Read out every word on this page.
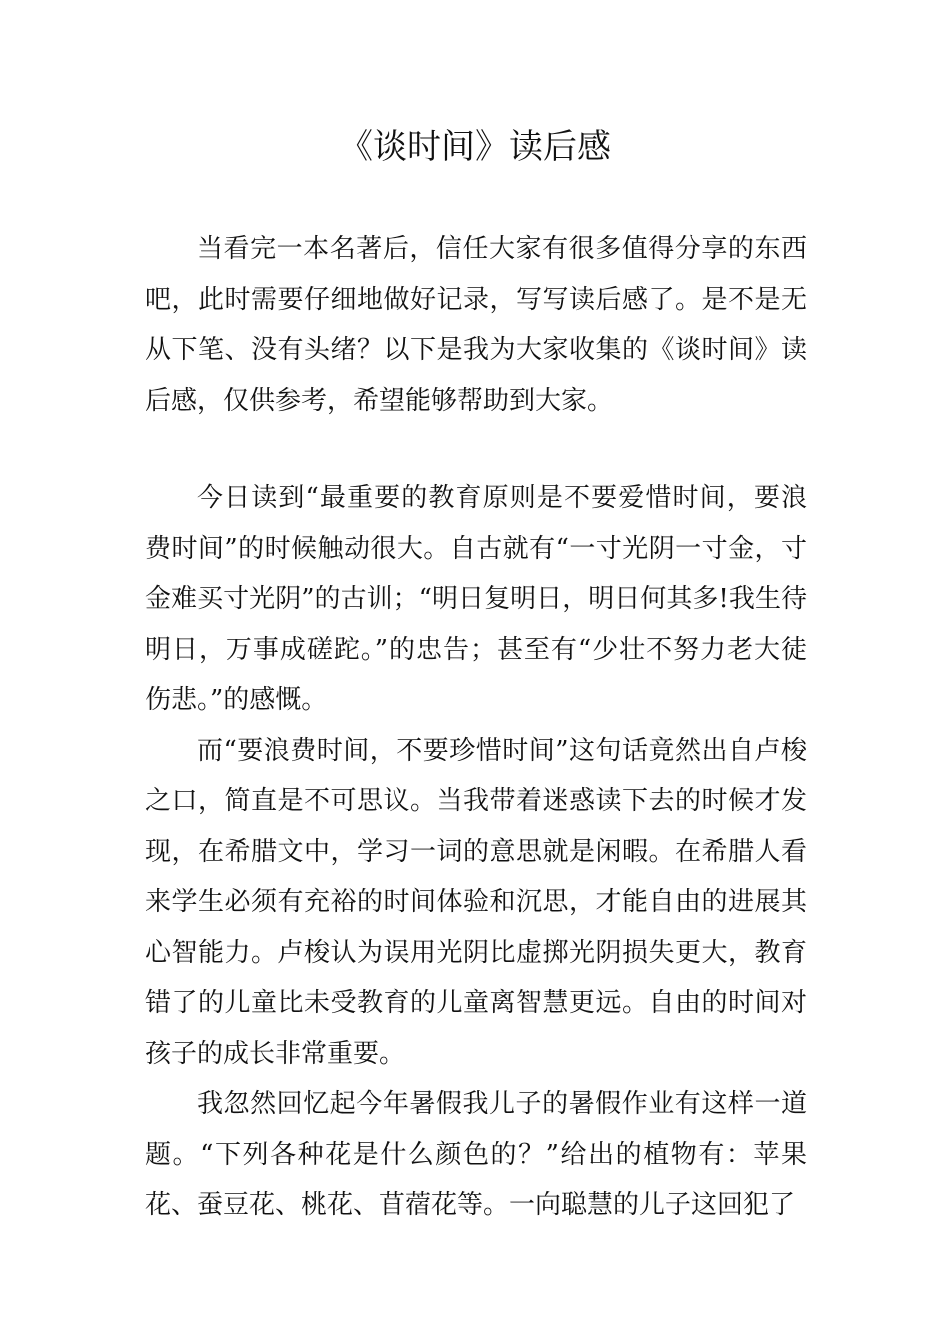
《谈时间》读后感

当看完一本名著后，信任大家有很多值得分享的东西吧，此时需要仔细地做好记录，写写读后感了。是不是无从下笔、没有头绪？以下是我为大家收集的《谈时间》读后感，仅供参考，希望能够帮助到大家。

今日读到“最重要的教育原则是不要爱惜时间，要浪费时间”的时候触动很大。自古就有“一寸光阴一寸金，寸金难买寸光阴”的古训；“明日复明日，明日何其多!我生待明日，万事成磋跎。”的忠告；甚至有“少壮不努力老大徒伤悲。”的感慨。

而“要浪费时间，不要珍惜时间”这句话竟然出自卢梭之口，简直是不可思议。当我带着迷惑读下去的时候才发现，在希腊文中，学习一词的意思就是闲暇。在希腊人看来学生必须有充裕的时间体验和沉思，才能自由的进展其心智能力。卢梭认为误用光阴比虚掷光阴损失更大，教育错了的儿童比未受教育的儿童离智慧更远。自由的时间对孩子的成长非常重要。

我忽然回忆起今年暑假我儿子的暑假作业有这样一道题。“下列各种花是什么颜色的？”给出的植物有：苹果花、蚕豆花、桃花、苜蓿花等。一向聪慧的儿子这回犯了
